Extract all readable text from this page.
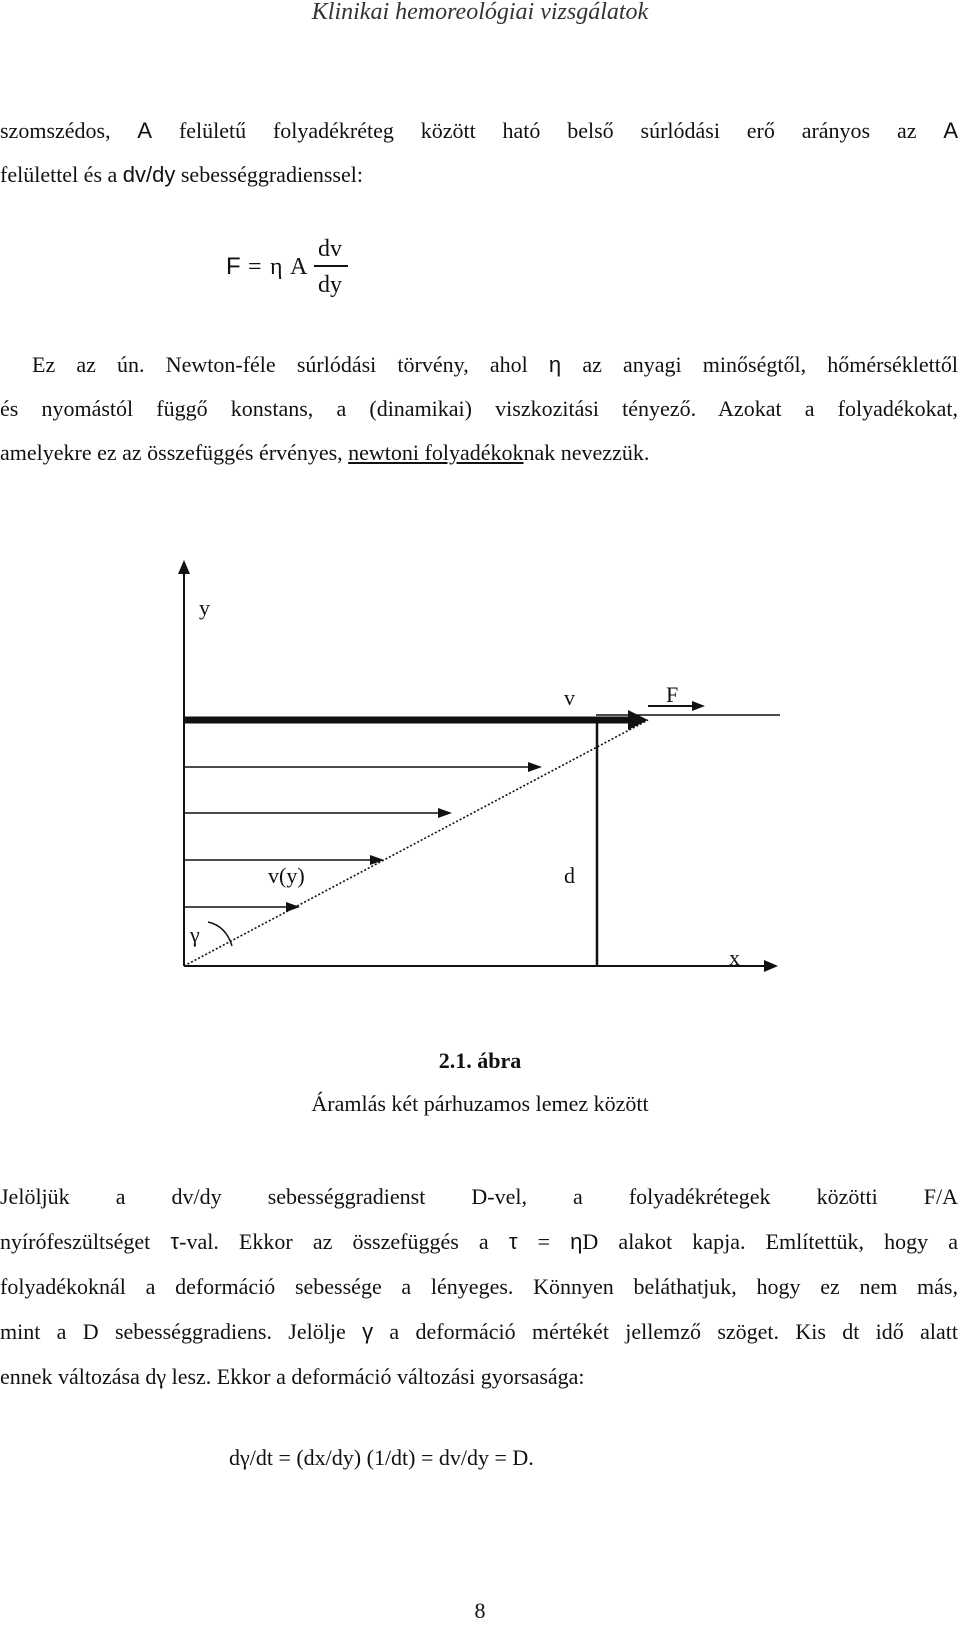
Klinikai hemoreológiai vizsgálatok
szomszédos, A felületű folyadékréteg között ható belső súrlódási erő arányos az A
felülettel és a dv/dy sebességgradienssel:
F = η A
dv
dy
Ez az ún. Newton-féle súrlódási törvény, ahol η az anyagi minőségtől, hőmérséklettől
és nyomástól függő konstans, a (dinamikai) viszkozitási tényező. Azokat a folyadékokat,
amelyekre ez az összefüggés érvényes, newtoni folyadékoknak nevezzük.
y
v	F
v(y)	d
γ
x
2.1. ábra
Áramlás két párhuzamos lemez között
Jelöljük a dv/dy sebességgradienst D-vel, a folyadékrétegek közötti F/A
nyírófeszültséget τ-val. Ekkor az összefüggés a τ = ηD alakot kapja. Említettük, hogy a
folyadékoknál a deformáció sebessége a lényeges. Könnyen beláthatjuk, hogy ez nem más,
mint a D sebességgradiens. Jelölje γ a deformáció mértékét jellemző szöget. Kis dt idő alatt
ennek változása dγ lesz. Ekkor a deformáció változási gyorsasága:
dγ/dt = (dx/dy) (1/dt) = dv/dy = D.
8
